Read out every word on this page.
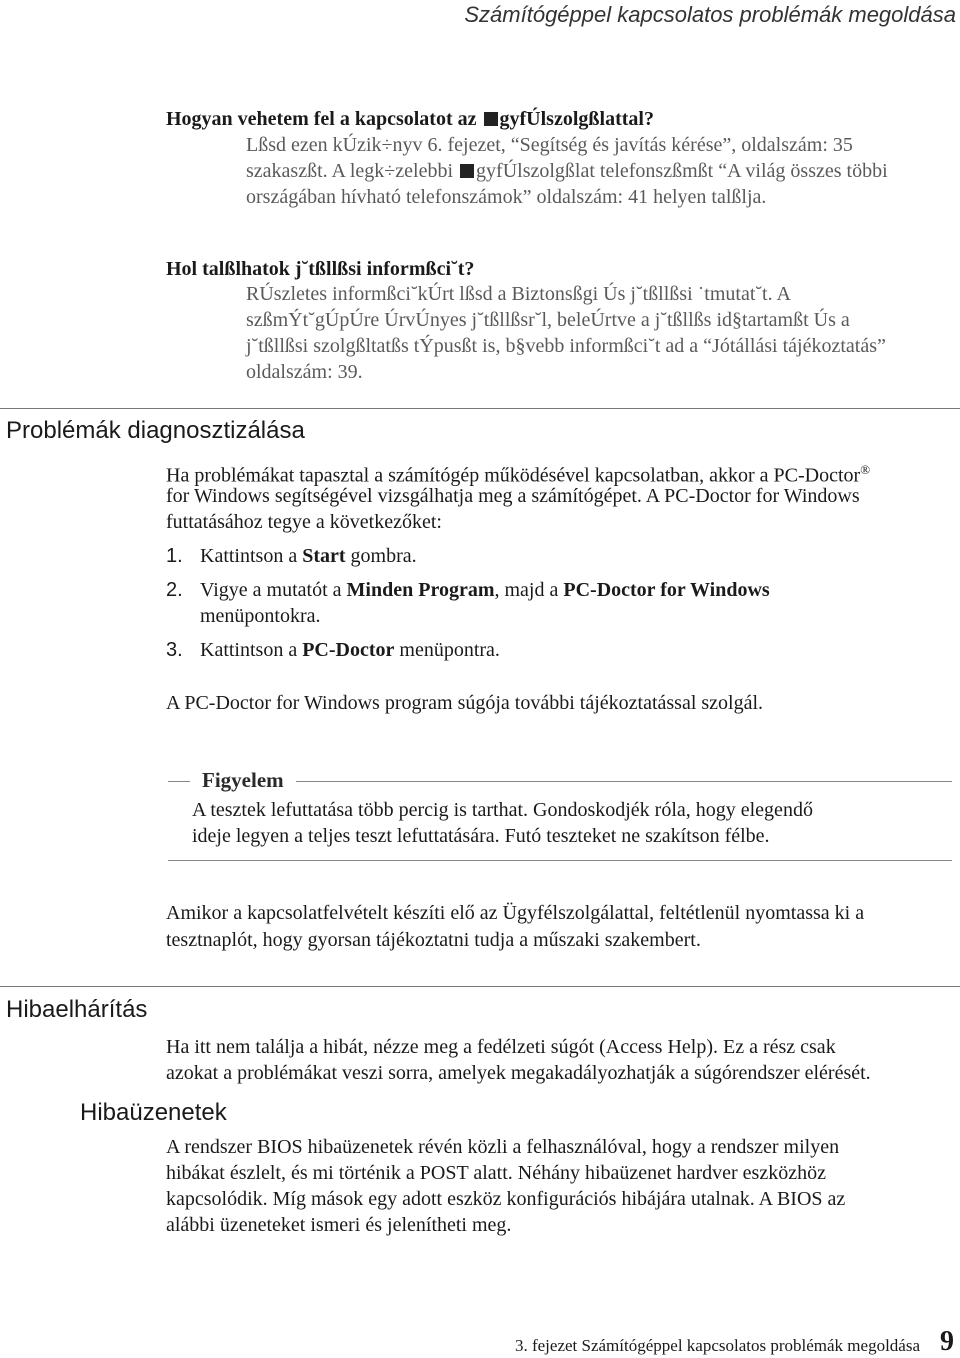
Számítógéppel kapcsolatos problémák megoldása
Hogyan vehetem fel a kapcsolatot az gyfÚlszolgßlattal?
Lßsd ezen kÚzik÷nyv 6. fejezet, “Segítség és javítás kérése”, oldalszám: 35
szakaszßt. A legk÷zelebbi gyfÚlszolgßlat telefonszßmßt “A világ összes többi
országában hívható telefonszámok” oldalszám: 41 helyen talßlja.
Hol talßlhatok j˘tßllßsi informßci˘t?
RÚszletes informßci˘kÚrt lßsd a Biztonsßgi Ús j˘tßllßsi ˙tmutat˘t. A
szßmÝt˘gÚpÚre ÚrvÚnyes j˘tßllßsr˘l, beleÚrtve a j˘tßllßs id§tartamßt Ús a
j˘tßllßsi szolgßltatßs tÝpusßt is, b§vebb informßci˘t ad a “Jótállási tájékoztatás”
oldalszám: 39.
Problémák diagnosztizálása
Ha problémákat tapasztal a számítógép működésével kapcsolatban, akkor a PC-Doctor®
for Windows segítségével vizsgálhatja meg a számítógépet. A PC-Doctor for Windows
futtatásához tegye a következőket:
1. Kattintson a Start gombra.
2. Vigye a mutatót a Minden Program, majd a PC-Doctor for Windows
menüpontokra.
3. Kattintson a PC-Doctor menüpontra.
A PC-Doctor for Windows program súgója további tájékoztatással szolgál.
Figyelem
A tesztek lefuttatása több percig is tarthat. Gondoskodjék róla, hogy elegendő
ideje legyen a teljes teszt lefuttatására. Futó teszteket ne szakítson félbe.
Amikor a kapcsolatfelvételt készíti elő az Ügyfélszolgálattal, feltétlenül nyomtassa ki a
tesztnaplót, hogy gyorsan tájékoztatni tudja a műszaki szakembert.
Hibaelhárítás
Ha itt nem találja a hibát, nézze meg a fedélzeti súgót (Access Help). Ez a rész csak
azokat a problémákat veszi sorra, amelyek megakadályozhatják a súgórendszer elérését.
Hibaüzenetek
A rendszer BIOS hibaüzenetek révén közli a felhasználóval, hogy a rendszer milyen
hibákat észlelt, és mi történik a POST alatt. Néhány hibaüzenet hardver eszközhöz
kapcsolódik. Míg mások egy adott eszköz konfigurációs hibájára utalnak. A BIOS az
alábbi üzeneteket ismeri és jelenítheti meg.
3. fejezet Számítógéppel kapcsolatos problémák megoldása 9
